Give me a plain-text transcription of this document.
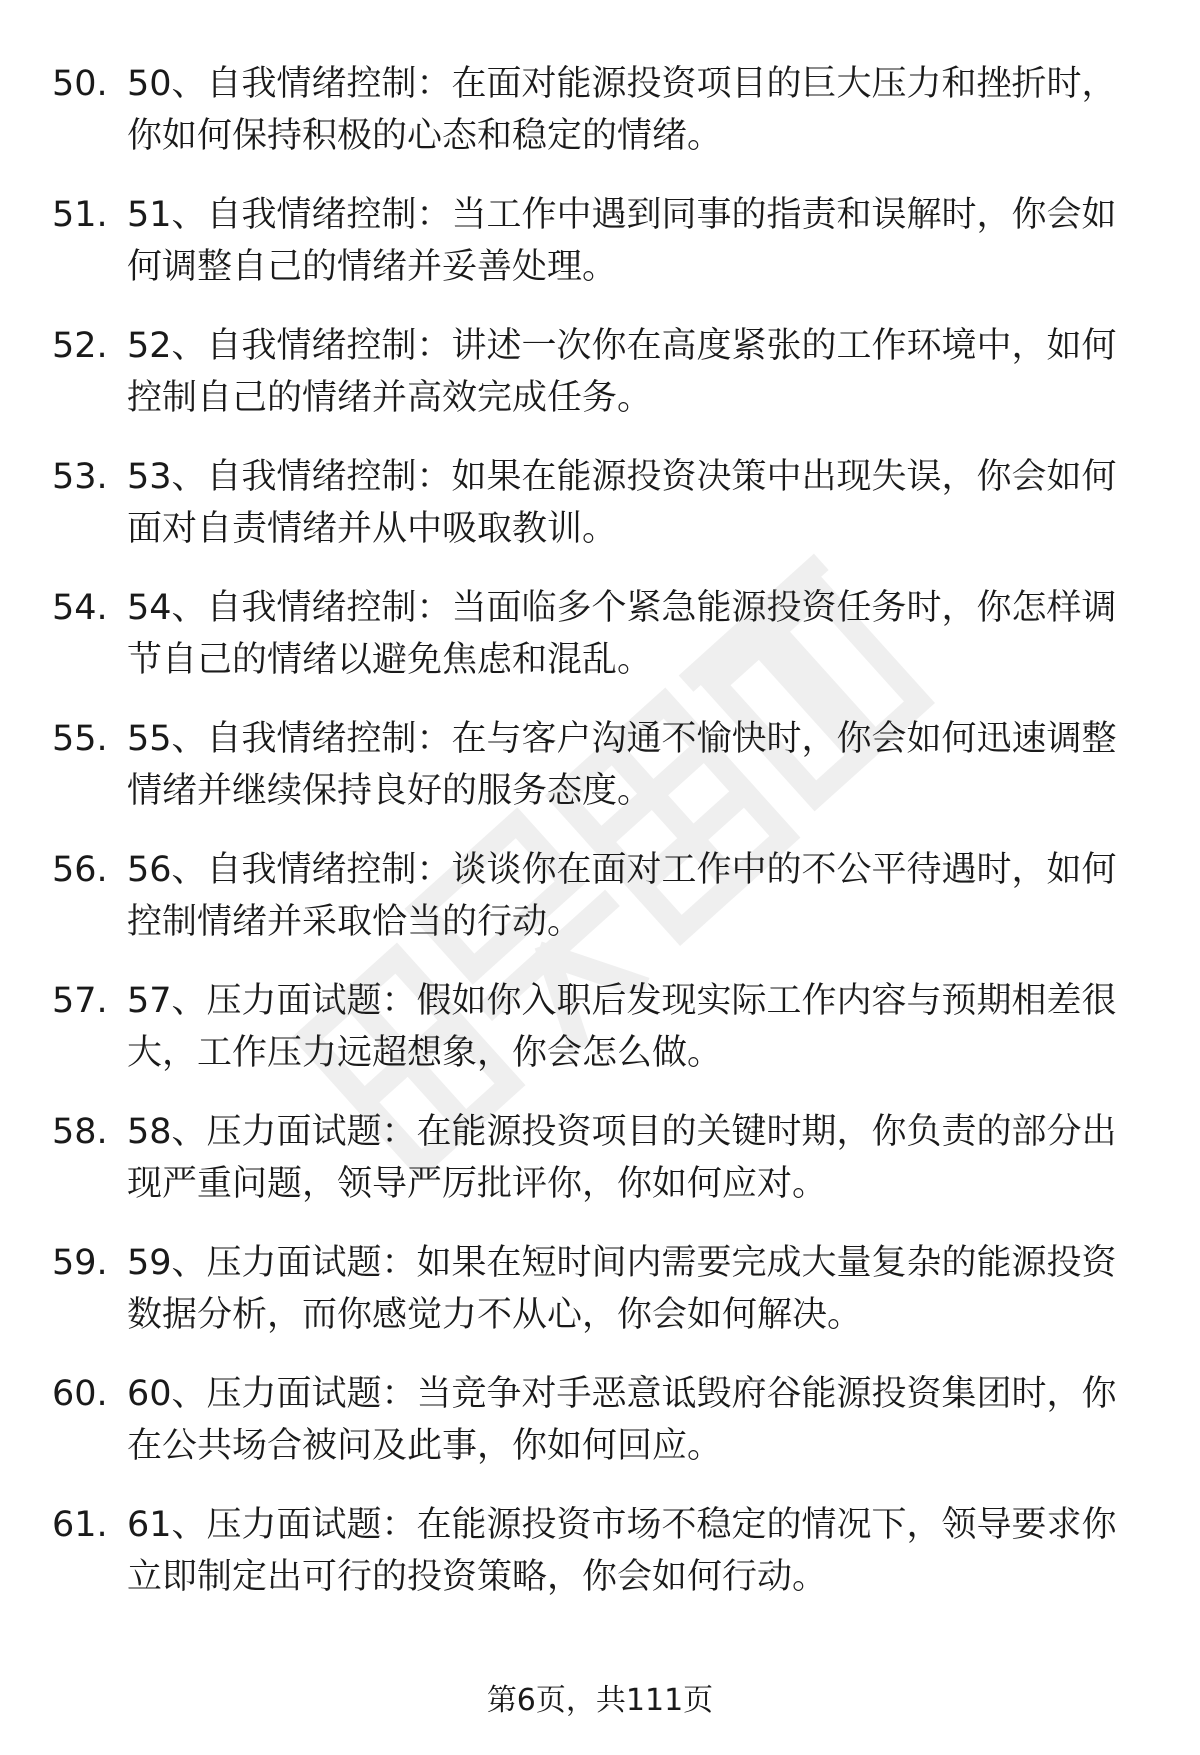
50. 50、自我情绪控制：在面对能源投资项目的巨大压力和挫折时，
你如何保持积极的心态和稳定的情绪。
51. 51、自我情绪控制：当工作中遇到同事的指责和误解时，你会如
何调整自己的情绪并妥善处理。
52. 52、自我情绪控制：讲述一次你在高度紧张的工作环境中，如何
控制自己的情绪并高效完成任务。
53. 53、自我情绪控制：如果在能源投资决策中出现失误，你会如何
面对自责情绪并从中吸取教训。
54. 54、自我情绪控制：当面临多个紧急能源投资任务时，你怎样调
节自己的情绪以避免焦虑和混乱。
55. 55、自我情绪控制：在与客户沟通不愉快时，你会如何迅速调整
情绪并继续保持良好的服务态度。
56. 56、自我情绪控制：谈谈你在面对工作中的不公平待遇时，如何
控制情绪并采取恰当的行动。
57. 57、压力面试题：假如你入职后发现实际工作内容与预期相差很
大，工作压力远超想象，你会怎么做。
58. 58、压力面试题：在能源投资项目的关键时期，你负责的部分出
现严重问题，领导严厉批评你，你如何应对。
59. 59、压力面试题：如果在短时间内需要完成大量复杂的能源投资
数据分析，而你感觉力不从心，你会如何解决。
60. 60、压力面试题：当竞争对手恶意诋毁府谷能源投资集团时，你
在公共场合被问及此事，你如何回应。
61. 61、压力面试题：在能源投资市场不稳定的情况下，领导要求你
立即制定出可行的投资策略，你会如何行动。
第6页，共111页
